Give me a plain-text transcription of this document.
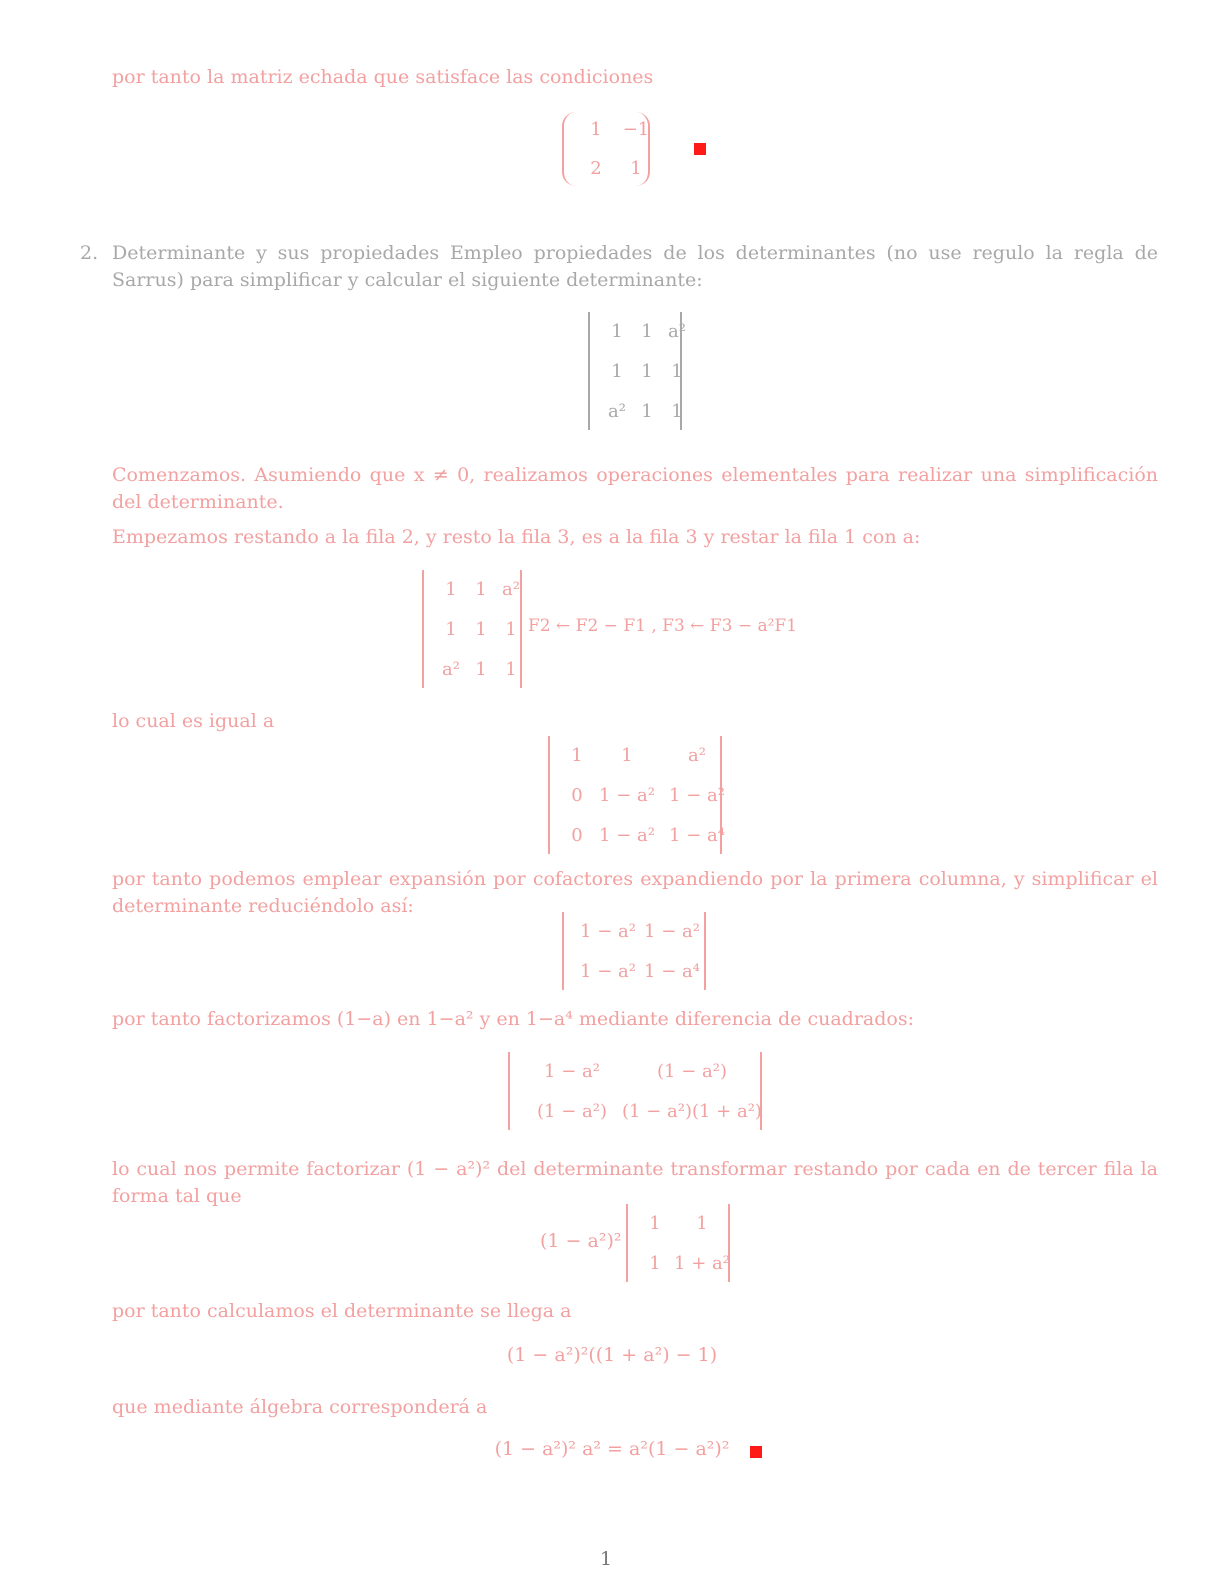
por tanto la matriz echada que satisface las condiciones

1 −1
2 1
2. Determinante y sus propiedades Empleo propiedades de los determinantes (no use regulo la regla de Sarrus) para simplificar y calcular el siguiente determinante:

1 1 a²
1 1 1
a² 1 1

Comenzamos. Asumiendo que x ≠ 0, realizamos operaciones elementales para realizar una simplificación del determinante.

Empezamos restando a la fila 2, y resto la fila 3, es a la fila 3 y restar la fila 1 con a:

1 1 a²
1 1 1
a² 1 1
F2 ← F2 − F1 , F3 ← F3 − a²F1

lo cual es igual a

1 1	a²
0 1 − a² 1 − a²
0 1 − a² 1 − a⁴

por tanto podemos emplear expansión por cofactores expandiendo por la primera columna, y simplificar el determinante reduciéndolo así:

1 − a² 1 − a²
1 − a² 1 − a⁴

por tanto factorizamos (1−a) en 1−a² y en 1−a⁴ mediante diferencia de cuadrados:

1 − a²	(1 − a²)
(1 − a²) (1 − a²)(1 + a²)

lo cual nos permite factorizar (1 − a²)² del determinante transformar restando por cada en de tercer fila la forma tal que

(1 − a²)²
1 1
1 1 + a²

por tanto calculamos el determinante se llega a

(1 − a²)²((1 + a²) − 1)

que mediante álgebra corresponderá a

(1 − a²)² a² = a²(1 − a²)²
1
